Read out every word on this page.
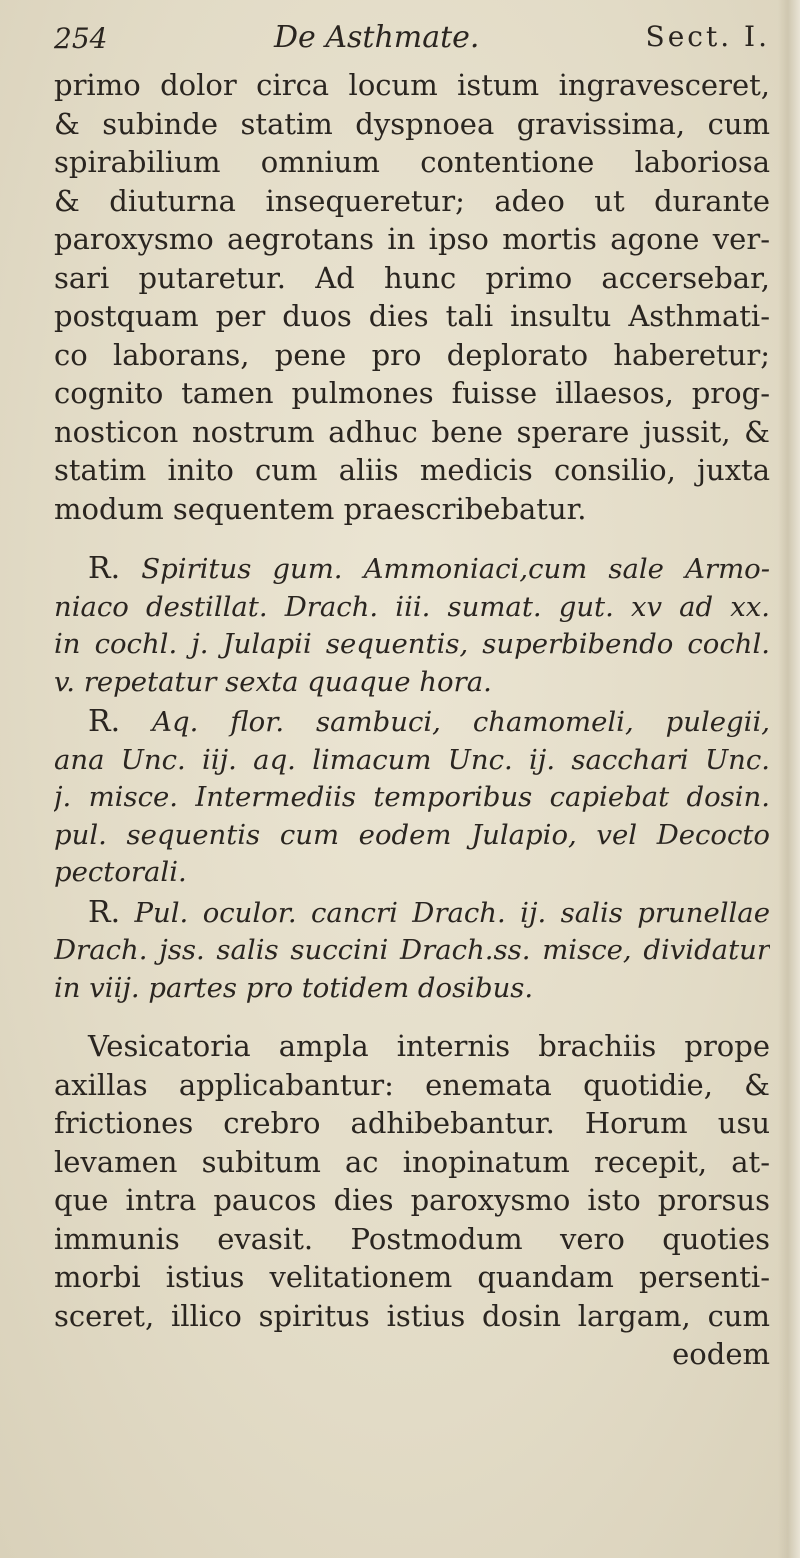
254	De Asthmate.	Sect. I.
primo dolor circa locum istum ingravesceret,
& subinde statim dyspnoea gravissima, cum
spirabilium omnium contentione laboriosa
& diuturna insequeretur; adeo ut durante
paroxysmo aegrotans in ipso mortis agone ver-
sari putaretur. Ad hunc primo accersebar,
postquam per duos dies tali insultu Asthmati-
co laborans, pene pro deplorato haberetur;
cognito tamen pulmones fuisse illaesos, prog-
nosticon nostrum adhuc bene sperare jussit, &
statim inito cum aliis medicis consilio, juxta
modum sequentem praescribebatur.
R. Spiritus gum. Ammoniaci,cum sale Armo-
niaco destillat. Drach. iii. sumat. gut. xv ad xx.
in cochl. j. Julapii sequentis, superbibendo cochl.
v. repetatur sexta quaque hora.
R. Aq. flor. sambuci, chamomeli, pulegii,
ana Unc. iij. aq. limacum Unc. ij. sacchari Unc.
j. misce. Intermediis temporibus capiebat dosin.
pul. sequentis cum eodem Julapio, vel Decocto
pectorali.
R. Pul. oculor. cancri Drach. ij. salis prunellae
Drach. jss. salis succini Drach.ss. misce, dividatur
in viij. partes pro totidem dosibus.
Vesicatoria ampla internis brachiis prope
axillas applicabantur: enemata quotidie, &
frictiones crebro adhibebantur. Horum usu
levamen subitum ac inopinatum recepit, at-
que intra paucos dies paroxysmo isto prorsus
immunis evasit. Postmodum vero quoties
morbi istius velitationem quandam persenti-
sceret, illico spiritus istius dosin largam, cum
eodem
